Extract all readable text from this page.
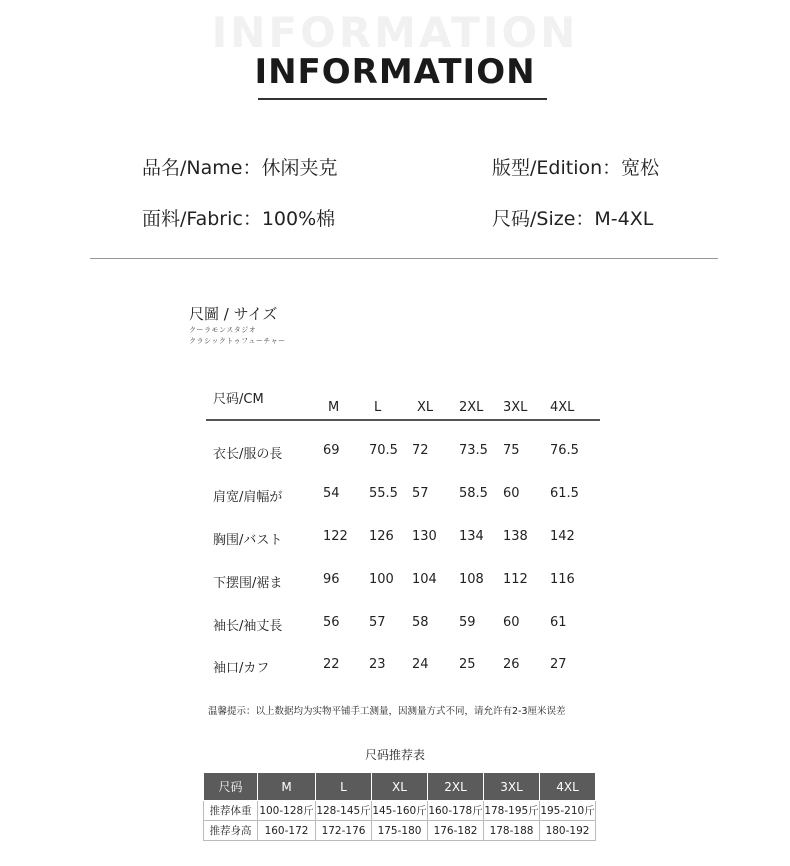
INFORMATION
INFORMATION
品名/Name：休闲夹克	版型/Edition：宽松
面料/Fabric：100%棉	尺码/Size：M-4XL
尺圖 / サイズ
クーラモンスタジオ
クラシックトゥフューチャー
尺码/CM
M	L	XL 2XL 3XL 4XL
衣长/服の長	69 70.5 72 73.5 75 76.5
肩宽/肩幅が	54 55.5 57 58.5 60 61.5
胸围/バスト	122 126 130 134 138 142
下摆围/裾ま	96 100 104 108 112 116
袖长/袖丈長	56 57 58 59 60 61
袖口/カフ	22 23 24 25 26 27
温馨提示：以上数据均为实物平铺手工测量，因测量方式不同，请允许有2-3厘米误差
尺码推荐表
尺码	M	L	XL	2XL	3XL	4XL
推荐体重	100-128斤	128-145斤	145-160斤	160-178斤	178-195斤	195-210斤
推荐身高	160-172	172-176	175-180	176-182	178-188	180-192
